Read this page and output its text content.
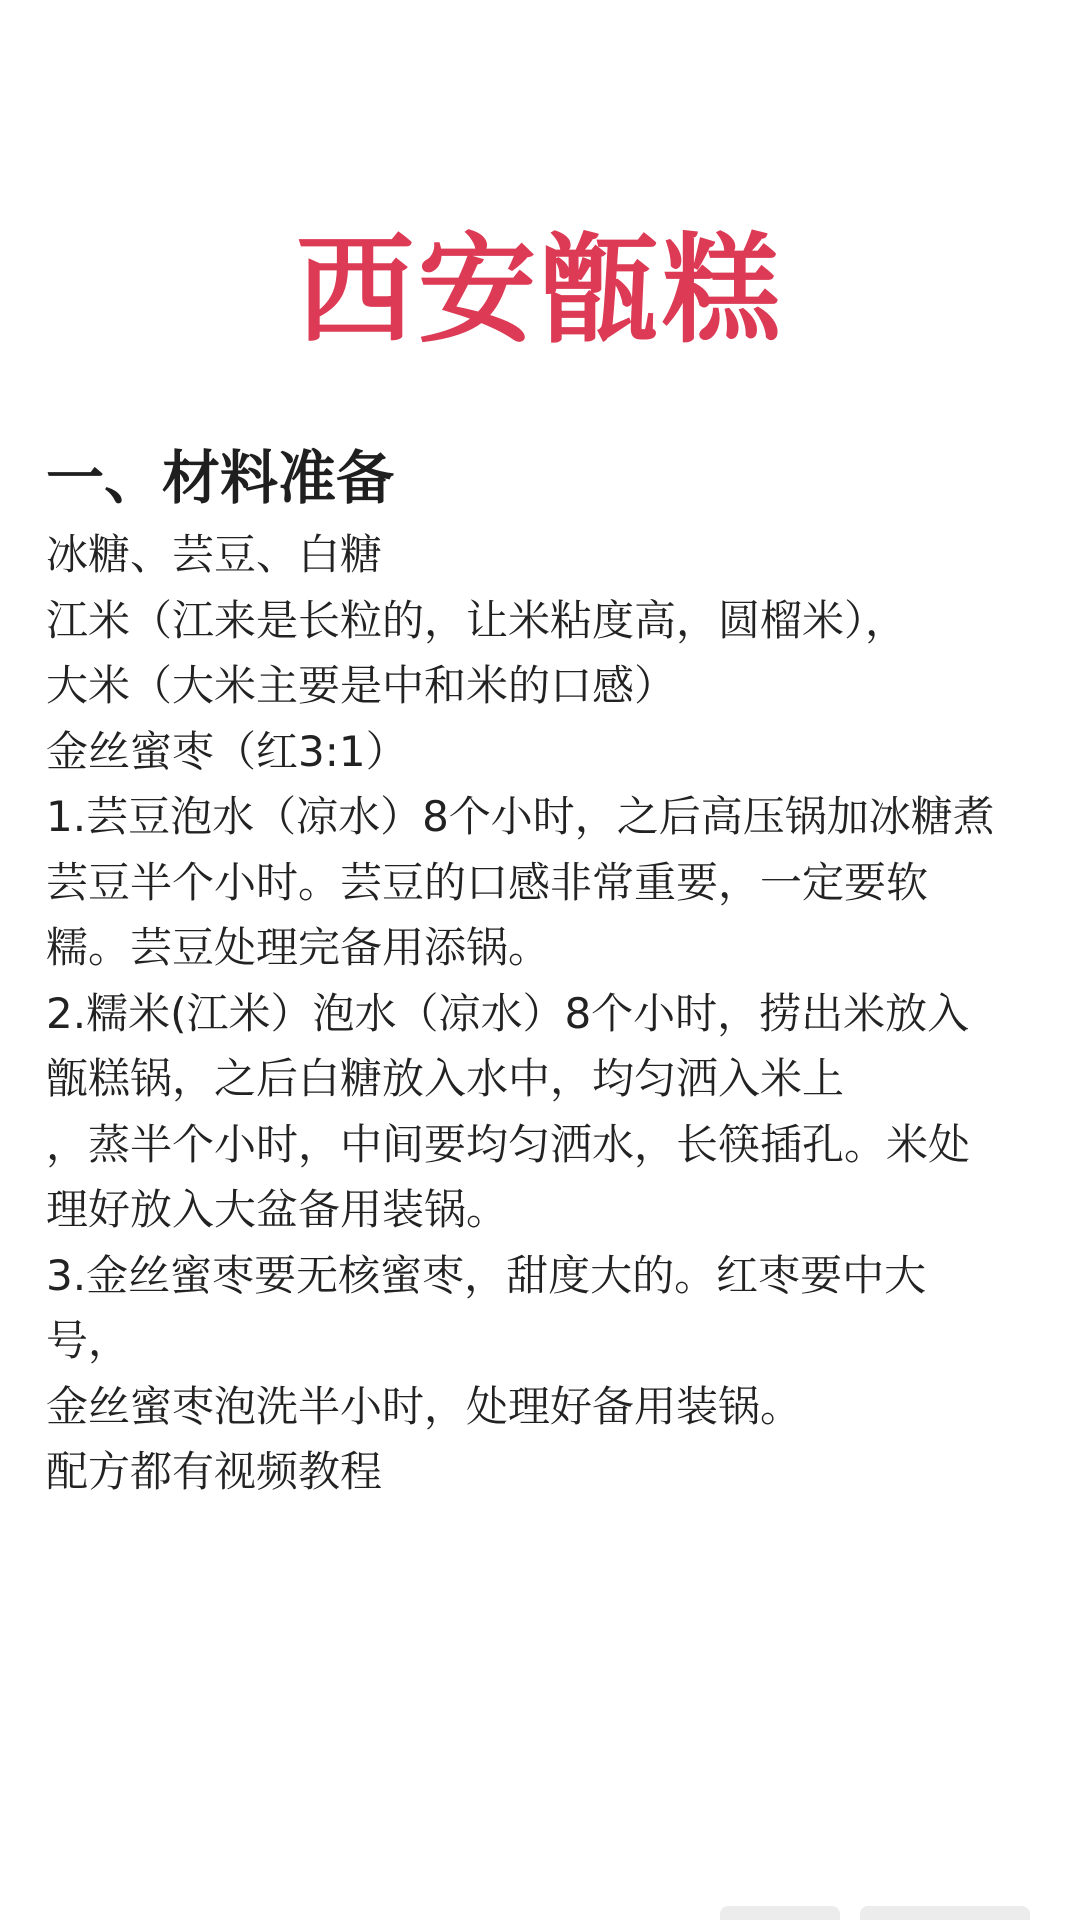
西安甑糕
一、材料准备

冰糖、芸豆、白糖

江米（江来是长粒的，让米粘度高，圆榴米），

大米（大米主要是中和米的口感）

金丝蜜枣（红3:1）

1.芸豆泡水（凉水）8个小时，之后高压锅加冰糖煮

芸豆半个小时。芸豆的口感非常重要，一定要软

糯。芸豆处理完备用添锅。

2.糯米(江米）泡水（凉水）8个小时，捞出米放入

甑糕锅，之后白糖放入水中，均匀洒入米上

，蒸半个小时，中间要均匀洒水，长筷插孔。米处

理好放入大盆备用装锅。

3.金丝蜜枣要无核蜜枣，甜度大的。红枣要中大

号，

金丝蜜枣泡洗半小时，处理好备用装锅。

配方都有视频教程
